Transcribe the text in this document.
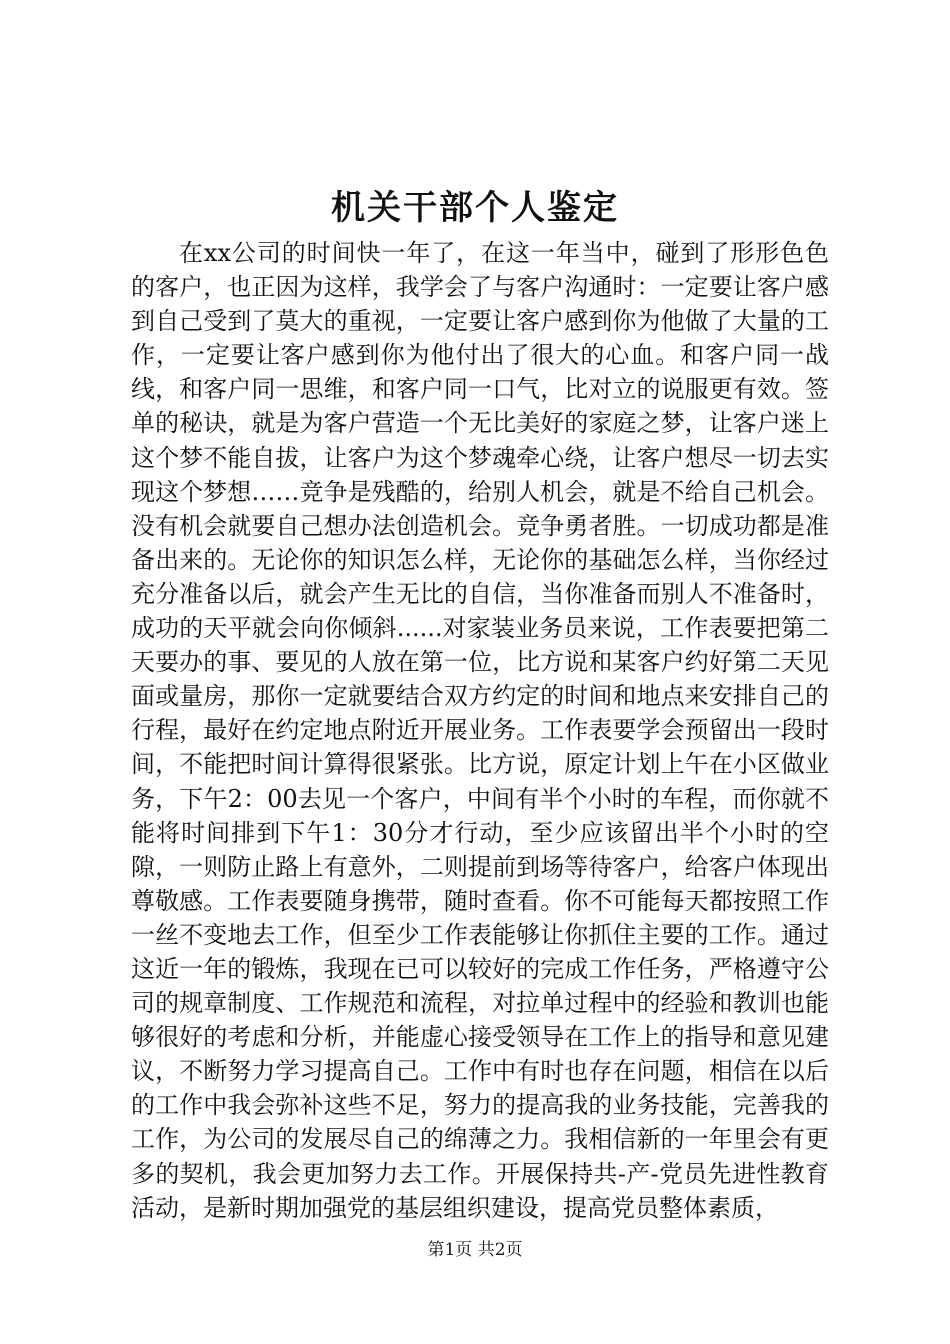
机关干部个人鉴定

在xx公司的时间快一年了，在这一年当中，碰到了形形色色的客户，也正因为这样，我学会了与客户沟通时：一定要让客户感到自己受到了莫大的重视，一定要让客户感到你为他做了大量的工作，一定要让客户感到你为他付出了很大的心血。和客户同一战线，和客户同一思维，和客户同一口气，比对立的说服更有效。签单的秘诀，就是为客户营造一个无比美好的家庭之梦，让客户迷上这个梦不能自拔，让客户为这个梦魂牵心绕，让客户想尽一切去实现这个梦想……竞争是残酷的，给别人机会，就是不给自己机会。没有机会就要自己想办法创造机会。竞争勇者胜。一切成功都是准备出来的。无论你的知识怎么样，无论你的基础怎么样，当你经过充分准备以后，就会产生无比的自信，当你准备而别人不准备时，成功的天平就会向你倾斜......对家装业务员来说，工作表要把第二天要办的事、要见的人放在第一位，比方说和某客户约好第二天见面或量房，那你一定就要结合双方约定的时间和地点来安排自己的行程，最好在约定地点附近开展业务。工作表要学会预留出一段时间，不能把时间计算得很紧张。比方说，原定计划上午在小区做业务，下午2：00去见一个客户，中间有半个小时的车程，而你就不能将时间排到下午1：30分才行动，至少应该留出半个小时的空隙，一则防止路上有意外，二则提前到场等待客户，给客户体现出尊敬感。工作表要随身携带，随时查看。你不可能每天都按照工作一丝不变地去工作，但至少工作表能够让你抓住主要的工作。通过这近一年的锻炼，我现在已可以较好的完成工作任务，严格遵守公司的规章制度、工作规范和流程，对拉单过程中的经验和教训也能够很好的考虑和分析，并能虚心接受领导在工作上的指导和意见建议，不断努力学习提高自己。工作中有时也存在问题，相信在以后的工作中我会弥补这些不足，努力的提高我的业务技能，完善我的工作，为公司的发展尽自己的绵薄之力。我相信新的一年里会有更多的契机，我会更加努力去工作。开展保持共-产-党员先进性教育活动，是新时期加强党的基层组织建设，提高党员整体素质，

第1页 共2页
